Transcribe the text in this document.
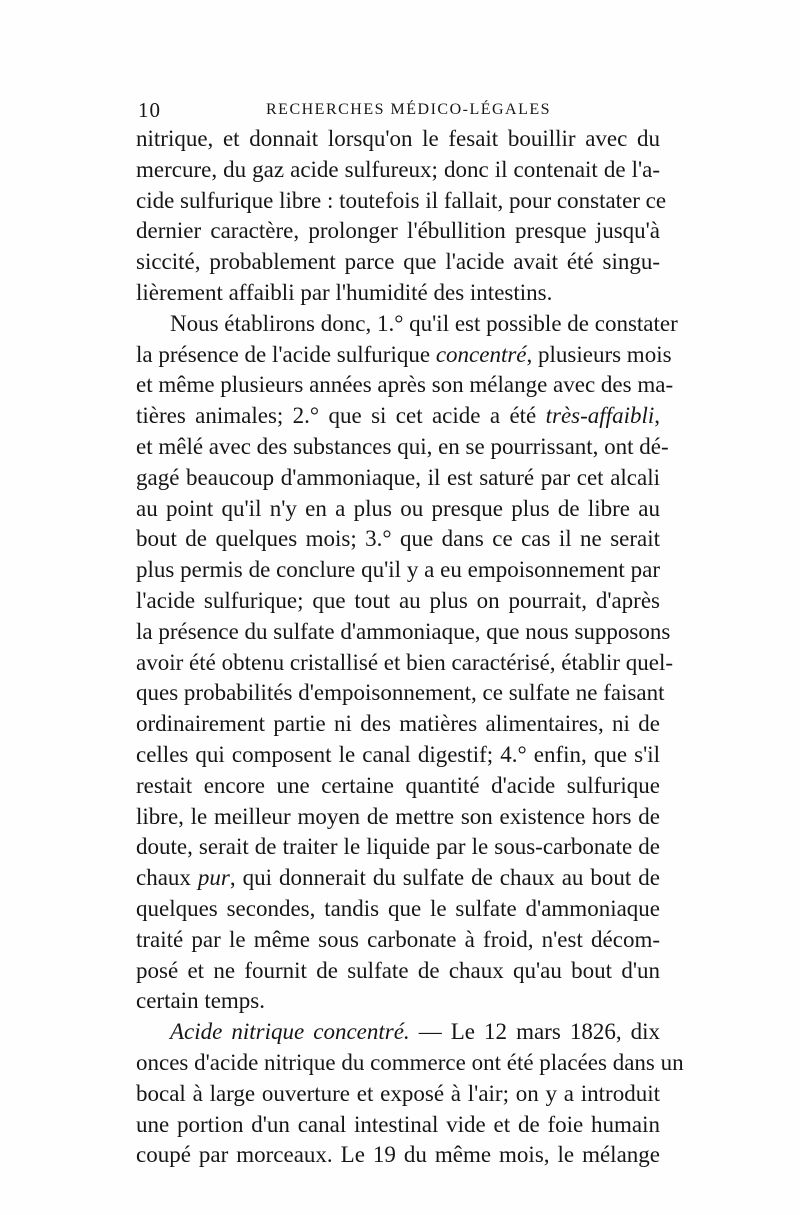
10	RECHERCHES MÉDICO-LÉGALES
nitrique, et donnait lorsqu'on le fesait bouillir avec du
mercure, du gaz acide sulfureux; donc il contenait de l'a-
cide sulfurique libre : toutefois il fallait, pour constater ce
dernier caractère, prolonger l'ébullition presque jusqu'à
siccité, probablement parce que l'acide avait été singu-
lièrement affaibli par l'humidité des intestins.
Nous établirons donc, 1.° qu'il est possible de constater
la présence de l'acide sulfurique concentré, plusieurs mois
et même plusieurs années après son mélange avec des ma-
tières animales; 2.° que si cet acide a été très-affaibli,
et mêlé avec des substances qui, en se pourrissant, ont dé-
gagé beaucoup d'ammoniaque, il est saturé par cet alcali
au point qu'il n'y en a plus ou presque plus de libre au
bout de quelques mois; 3.° que dans ce cas il ne serait
plus permis de conclure qu'il y a eu empoisonnement par
l'acide sulfurique; que tout au plus on pourrait, d'après
la présence du sulfate d'ammoniaque, que nous supposons
avoir été obtenu cristallisé et bien caractérisé, établir quel-
ques probabilités d'empoisonnement, ce sulfate ne faisant
ordinairement partie ni des matières alimentaires, ni de
celles qui composent le canal digestif; 4.° enfin, que s'il
restait encore une certaine quantité d'acide sulfurique
libre, le meilleur moyen de mettre son existence hors de
doute, serait de traiter le liquide par le sous-carbonate de
chaux pur, qui donnerait du sulfate de chaux au bout de
quelques secondes, tandis que le sulfate d'ammoniaque
traité par le même sous carbonate à froid, n'est décom-
posé et ne fournit de sulfate de chaux qu'au bout d'un
certain temps.
Acide nitrique concentré. — Le 12 mars 1826, dix
onces d'acide nitrique du commerce ont été placées dans un
bocal à large ouverture et exposé à l'air; on y a introduit
une portion d'un canal intestinal vide et de foie humain
coupé par morceaux. Le 19 du même mois, le mélange
